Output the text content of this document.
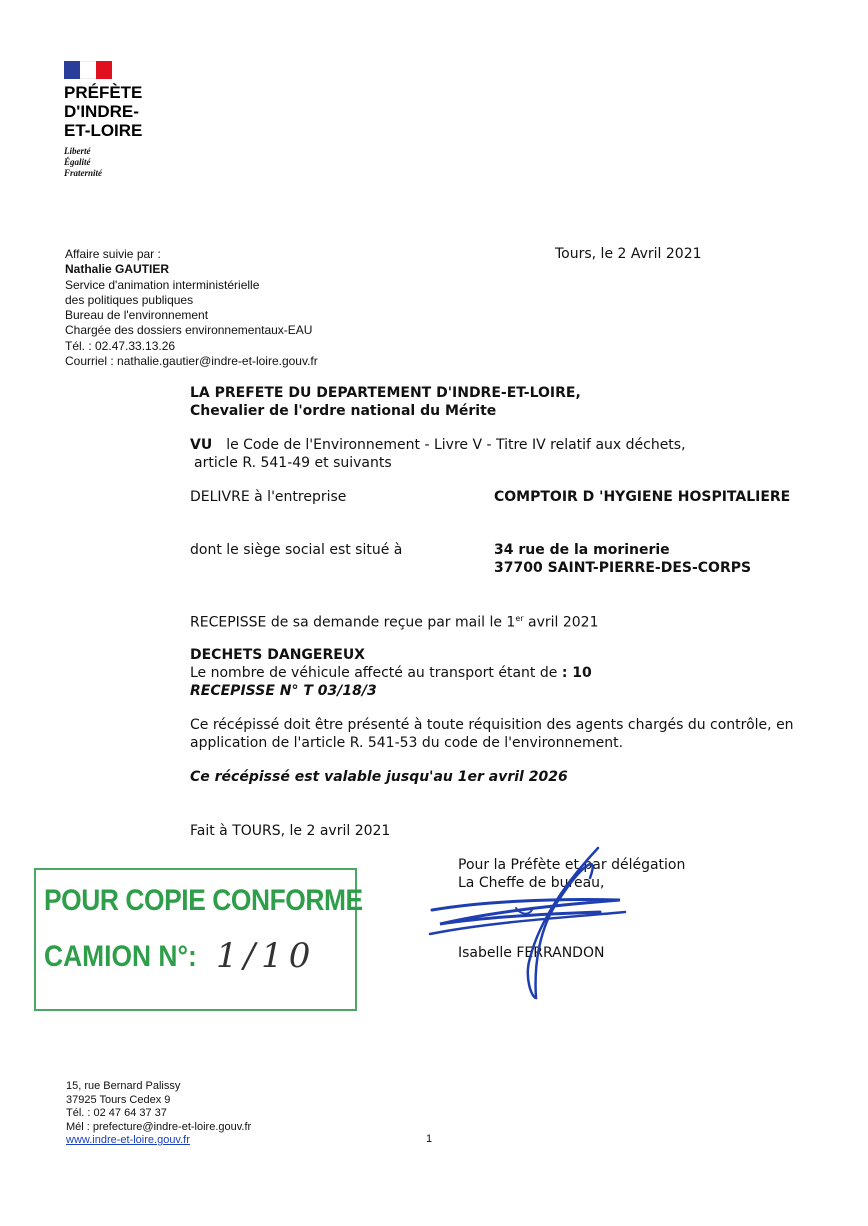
PRÉFÈTE
D'INDRE-
ET-LOIRE
Liberté
Égalité
Fraternité
Affaire suivie par :
Nathalie GAUTIER
Service d'animation interministérielle
des politiques publiques
Bureau de l'environnement
Chargée des dossiers environnementaux-EAU
Tél. : 02.47.33.13.26
Courriel : nathalie.gautier@indre-et-loire.gouv.fr
Tours, le 2 Avril 2021
LA PREFETE DU DEPARTEMENT D'INDRE-ET-LOIRE,
Chevalier de l'ordre national du Mérite
VU le Code de l'Environnement - Livre V - Titre IV relatif aux déchets,
article R. 541-49 et suivants
DELIVRE à l'entreprise	COMPTOIR D 'HYGIENE HOSPITALIERE
dont le siège social est situé à	34 rue de la morinerie
37700 SAINT-PIERRE-DES-CORPS
RECEPISSE de sa demande reçue par mail le 1er avril 2021
DECHETS DANGEREUX
Le nombre de véhicule affecté au transport étant de : 10
RECEPISSE N° T 03/18/3
Ce récépissé doit être présenté à toute réquisition des agents chargés du contrôle, en
application de l'article R. 541-53 du code de l'environnement.
Ce récépissé est valable jusqu'au 1er avril 2026
Fait à TOURS, le 2 avril 2021
Pour la Préfète et par délégation
La Cheffe de bureau,
Isabelle FERRANDON
POUR COPIE CONFORME
CAMION N°: 1/10
15, rue Bernard Palissy
37925 Tours Cedex 9
Tél. : 02 47 64 37 37
Mél : prefecture@indre-et-loire.gouv.fr
www.indre-et-loire.gouv.fr	1
